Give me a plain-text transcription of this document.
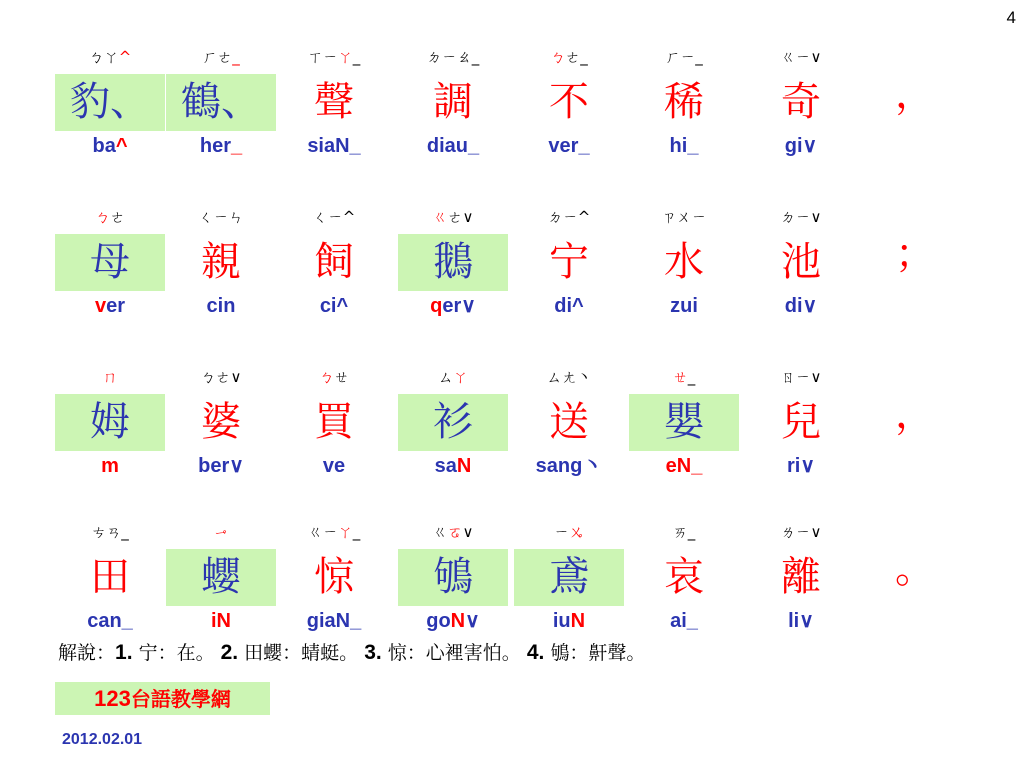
4
ㄅㄚ^
豹、
ba^
ㄏㄜ_
鶴、
her_
ㄒㄧㄚ_
聲
siaN_
ㄉㄧㄠ_
調
diau_
ㄅㄜ_
不
ver_
ㄏㄧ_
稀
hi_
ㄍㄧ∨
奇
gi∨
，
ㄅㄜ
母
ver
ㄑㄧㄣ
親
cin
ㄑㄧ^
飼
ci^
ㄍㄜ∨
鵝
qer∨
ㄉㄧ^
宁
di^
ㄗㄨㄧ
水
zui
ㄉㄧ∨
池
di∨
；
ㄇ
姆
m
ㄅㄜ∨
婆
ber∨
ㄅㄝ
買
ve
ㄙㄚ
衫
saN
ㄙㄤ丶
送
sang丶
ㄝ_
嬰
eN_
ㄖㄧ∨
兒
ri∨
，
ㄘㄢ_
田
can_
ㆪ
蠳
iN
ㄍㄧㄚ_
惊
giaN_
ㄍㆧ∨
鴝
goN∨
ㄧㆫ
鳶
iuN
ㄞ_
哀
ai_
ㄌㄧ∨
離
li∨
。
解說：1. 宁：在。 2. 田蠳：蜻蜓。 3. 惊：心裡害怕。 4. 鴝：鼾聲。
123台語教學網
2012.02.01
